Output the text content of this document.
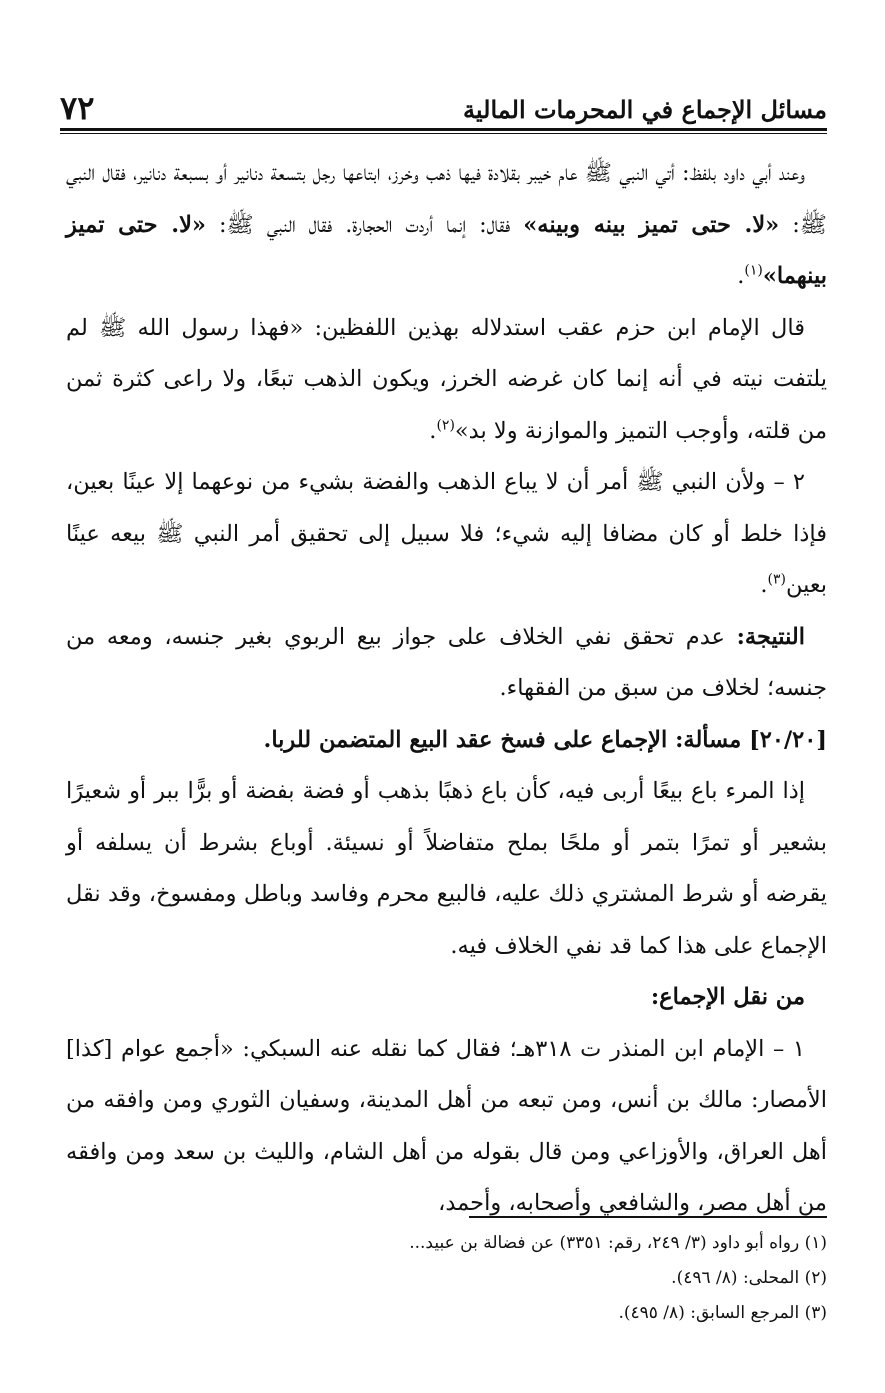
مسائل الإجماع في المحرمات المالية
٧٢

وعند أبي داود بلفظ: أتي النبي ﷺ عام خيبر بقلادة فيها ذهب وخرز، ابتاعها رجل بتسعة دنانير أو بسبعة دنانير، فقال النبي ﷺ: «لا. حتى تميز بينه وبينه» فقال: إنما أردت الحجارة. فقال النبي ﷺ: «لا. حتى تميز بينهما»$^{(١)}$.

قال الإمام ابن حزم عقب استدلاله بهذين اللفظين: «فهذا رسول الله ﷺ لم يلتفت نيته في أنه إنما كان غرضه الخرز، ويكون الذهب تبعًا، ولا راعى كثرة ثمن من قلته، وأوجب التميز والموازنة ولا بد»$^{(٢)}$.

٢ – ولأن النبي ﷺ أمر أن لا يباع الذهب والفضة بشيء من نوعهما إلا عينًا بعين، فإذا خلط أو كان مضافا إليه شيء؛ فلا سبيل إلى تحقيق أمر النبي ﷺ بيعه عينًا بعين$^{(٣)}$.

النتيجة: عدم تحقق نفي الخلاف على جواز بيع الربوي بغير جنسه، ومعه من جنسه؛ لخلاف من سبق من الفقهاء.

[٢٠/٢٠] مسألة: الإجماع على فسخ عقد البيع المتضمن للربا.

إذا المرء باع بيعًا أربى فيه، كأن باع ذهبًا بذهب أو فضة بفضة أو برًّا ببر أو شعيرًا بشعير أو تمرًا بتمر أو ملحًا بملح متفاضلاً أو نسيئة. أوباع بشرط أن يسلفه أو يقرضه أو شرط المشتري ذلك عليه، فالبيع محرم وفاسد وباطل ومفسوخ، وقد نقل الإجماع على هذا كما قد نفي الخلاف فيه.

من نقل الإجماع:

١ – الإمام ابن المنذر ت ٣١٨هـ؛ فقال كما نقله عنه السبكي: «أجمع عوام [كذا] الأمصار: مالك بن أنس، ومن تبعه من أهل المدينة، وسفيان الثوري ومن وافقه من أهل العراق، والأوزاعي ومن قال بقوله من أهل الشام، والليث بن سعد ومن وافقه من أهل مصر، والشافعي وأصحابه، وأحمد،

(١) رواه أبو داود (٣/ ٢٤٩، رقم: ٣٣٥١) عن فضالة بن عبيد...

(٢) المحلى: (٨/ ٤٩٦).

(٣) المرجع السابق: (٨/ ٤٩٥).
